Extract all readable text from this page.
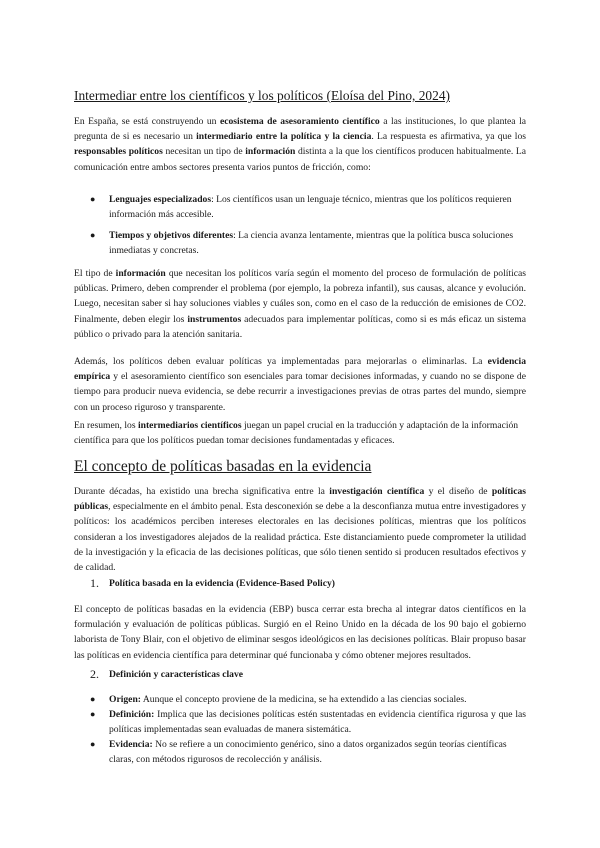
Intermediar entre los científicos y los políticos (Eloísa del Pino, 2024)
En España, se está construyendo un ecosistema de asesoramiento científico a las instituciones, lo que plantea la pregunta de si es necesario un intermediario entre la política y la ciencia. La respuesta es afirmativa, ya que los responsables políticos necesitan un tipo de información distinta a la que los científicos producen habitualmente. La comunicación entre ambos sectores presenta varios puntos de fricción, como:
● Lenguajes especializados: Los científicos usan un lenguaje técnico, mientras que los políticos requieren información más accesible.
● Tiempos y objetivos diferentes: La ciencia avanza lentamente, mientras que la política busca soluciones inmediatas y concretas.
El tipo de información que necesitan los políticos varía según el momento del proceso de formulación de políticas públicas. Primero, deben comprender el problema (por ejemplo, la pobreza infantil), sus causas, alcance y evolución. Luego, necesitan saber si hay soluciones viables y cuáles son, como en el caso de la reducción de emisiones de CO2. Finalmente, deben elegir los instrumentos adecuados para implementar políticas, como si es más eficaz un sistema público o privado para la atención sanitaria.
Además, los políticos deben evaluar políticas ya implementadas para mejorarlas o eliminarlas. La evidencia empírica y el asesoramiento científico son esenciales para tomar decisiones informadas, y cuando no se dispone de tiempo para producir nueva evidencia, se debe recurrir a investigaciones previas de otras partes del mundo, siempre con un proceso riguroso y transparente.
En resumen, los intermediarios científicos juegan un papel crucial en la traducción y adaptación de la información científica para que los políticos puedan tomar decisiones fundamentadas y eficaces.
El concepto de políticas basadas en la evidencia
Durante décadas, ha existido una brecha significativa entre la investigación científica y el diseño de políticas públicas, especialmente en el ámbito penal. Esta desconexión se debe a la desconfianza mutua entre investigadores y políticos: los académicos perciben intereses electorales en las decisiones políticas, mientras que los políticos consideran a los investigadores alejados de la realidad práctica. Este distanciamiento puede comprometer la utilidad de la investigación y la eficacia de las decisiones políticas, que sólo tienen sentido si producen resultados efectivos y de calidad.
1. Política basada en la evidencia (Evidence-Based Policy)
El concepto de políticas basadas en la evidencia (EBP) busca cerrar esta brecha al integrar datos científicos en la formulación y evaluación de políticas públicas. Surgió en el Reino Unido en la década de los 90 bajo el gobierno laborista de Tony Blair, con el objetivo de eliminar sesgos ideológicos en las decisiones políticas. Blair propuso basar las políticas en evidencia científica para determinar qué funcionaba y cómo obtener mejores resultados.
2. Definición y características clave
● Origen: Aunque el concepto proviene de la medicina, se ha extendido a las ciencias sociales.
● Definición: Implica que las decisiones políticas estén sustentadas en evidencia científica rigurosa y que las políticas implementadas sean evaluadas de manera sistemática.
● Evidencia: No se refiere a un conocimiento genérico, sino a datos organizados según teorías científicas claras, con métodos rigurosos de recolección y análisis.
